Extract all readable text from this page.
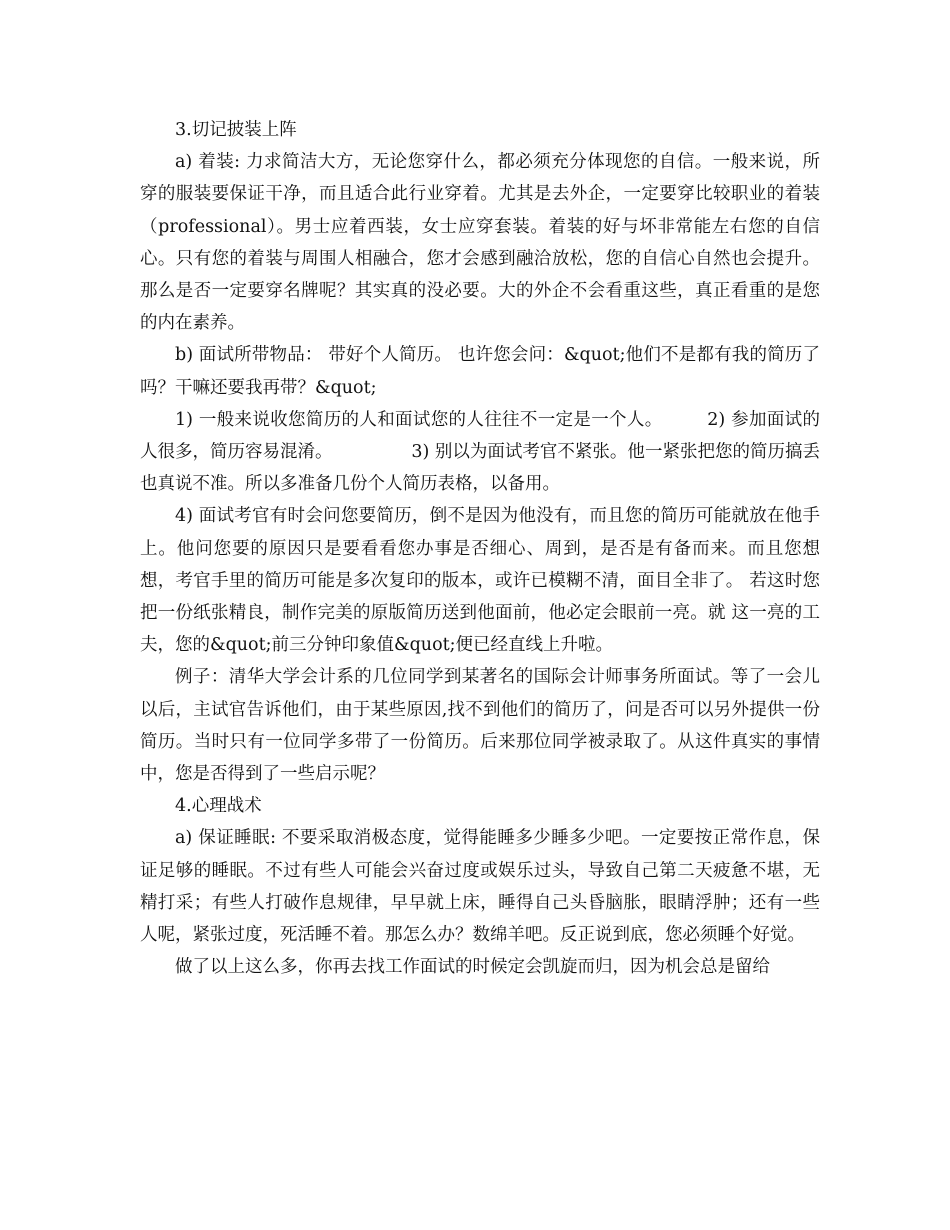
3.切记披装上阵

a) 着装: 力求简洁大方，无论您穿什么，都必须充分体现您的自信。一般来说，所穿的服装要保证干净，而且适合此行业穿着。尤其是去外企，一定要穿比较职业的着装（professional）。男士应着西装，女士应穿套装。着装的好与坏非常能左右您的自信心。只有您的着装与周围人相融合，您才会感到融洽放松，您的自信心自然也会提升。那么是否一定要穿名牌呢？其实真的没必要。大的外企不会看重这些，真正看重的是您的内在素养。

b) 面试所带物品： 带好个人简历。 也许您会问：&quot;他们不是都有我的简历了吗？干嘛还要我再带？&quot;

1) 一般来说收您简历的人和面试您的人往往不一定是一个人。　　　2) 参加面试的人很多，简历容易混淆。　　　　　3) 别以为面试考官不紧张。他一紧张把您的简历搞丢也真说不准。所以多准备几份个人简历表格，以备用。

4) 面试考官有时会问您要简历，倒不是因为他没有，而且您的简历可能就放在他手上。他问您要的原因只是要看看您办事是否细心、周到，是否是有备而来。而且您想想，考官手里的简历可能是多次复印的版本，或许已模糊不清，面目全非了。 若这时您把一份纸张精良，制作完美的原版简历送到他面前，他必定会眼前一亮。就 这一亮的工夫，您的&quot;前三分钟印象值&quot;便已经直线上升啦。

例子：清华大学会计系的几位同学到某著名的国际会计师事务所面试。等了一会儿以后，主试官告诉他们，由于某些原因,找不到他们的简历了，问是否可以另外提供一份简历。当时只有一位同学多带了一份简历。后来那位同学被录取了。从这件真实的事情中，您是否得到了一些启示呢？

4.心理战术

a) 保证睡眠: 不要采取消极态度，觉得能睡多少睡多少吧。一定要按正常作息，保证足够的睡眠。不过有些人可能会兴奋过度或娱乐过头，导致自己第二天疲惫不堪，无精打采；有些人打破作息规律，早早就上床，睡得自己头昏脑胀，眼睛浮肿；还有一些人呢，紧张过度，死活睡不着。那怎么办？数绵羊吧。反正说到底，您必须睡个好觉。

做了以上这么多，你再去找工作面试的时候定会凯旋而归，因为机会总是留给
